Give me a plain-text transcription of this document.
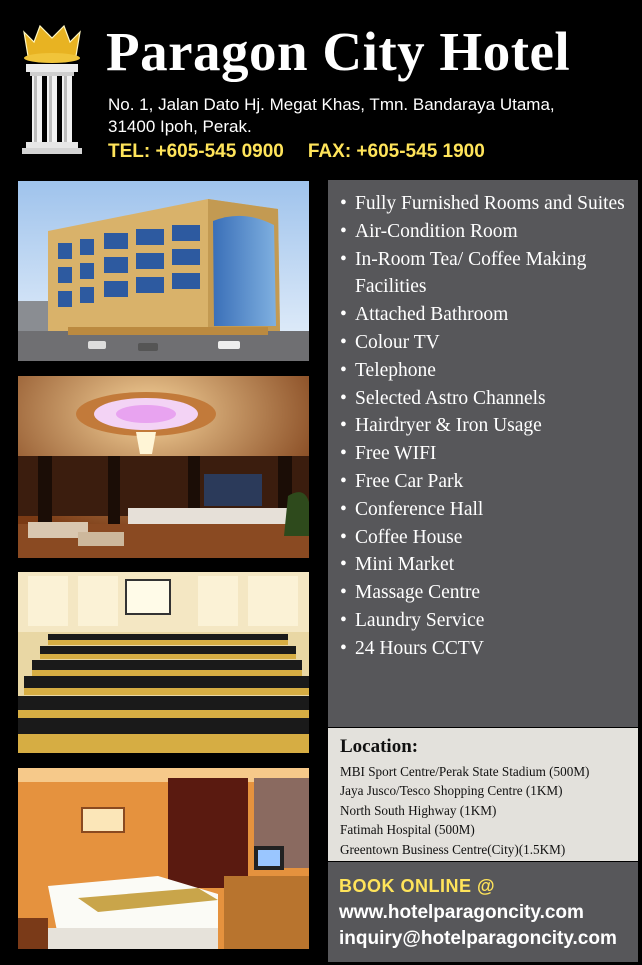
Paragon City Hotel
No. 1, Jalan Dato Hj. Megat Khas, Tmn. Bandaraya Utama,
31400 Ipoh, Perak.
TEL: +605-545 0900 FAX: +605-545 1900
• Fully Furnished Rooms and Suites
• Air-Condition Room
• In-Room Tea/ Coffee Making Facilities
• Attached Bathroom
• Colour TV
• Telephone
• Selected Astro Channels
• Hairdryer & Iron Usage
• Free WIFI
• Free Car Park
• Conference Hall
• Coffee House
• Mini Market
• Massage Centre
• Laundry Service
• 24 Hours CCTV
Location:
MBI Sport Centre/Perak State Stadium (500M)
Jaya Jusco/Tesco Shopping Centre (1KM)
North South Highway (1KM)
Fatimah Hospital (500M)
Greentown Business Centre(City)(1.5KM)
BOOK ONLINE @
www.hotelparagoncity.com
inquiry@hotelparagoncity.com
